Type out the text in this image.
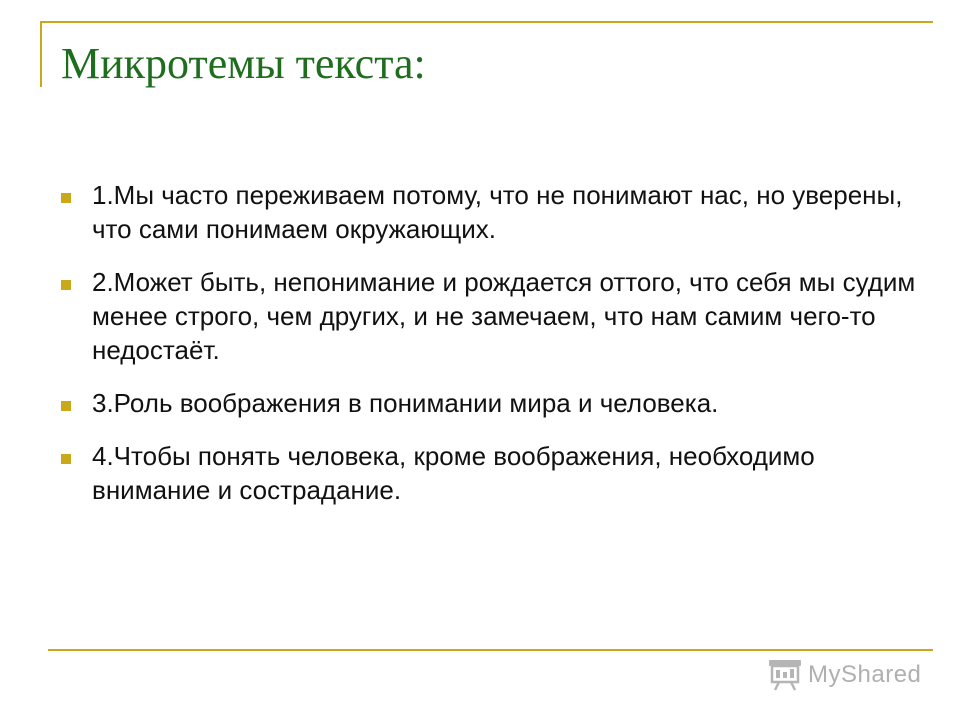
Микротемы текста:
1.Мы часто переживаем потому, что не понимают нас, но уверены, что сами понимаем окружающих.
2.Может быть, непонимание и рождается оттого, что себя мы судим менее строго, чем других, и не замечаем, что нам самим чего-то недостаёт.
3.Роль воображения в понимании мира и человека.
4.Чтобы понять человека, кроме воображения, необходимо внимание и сострадание.
MyShared
